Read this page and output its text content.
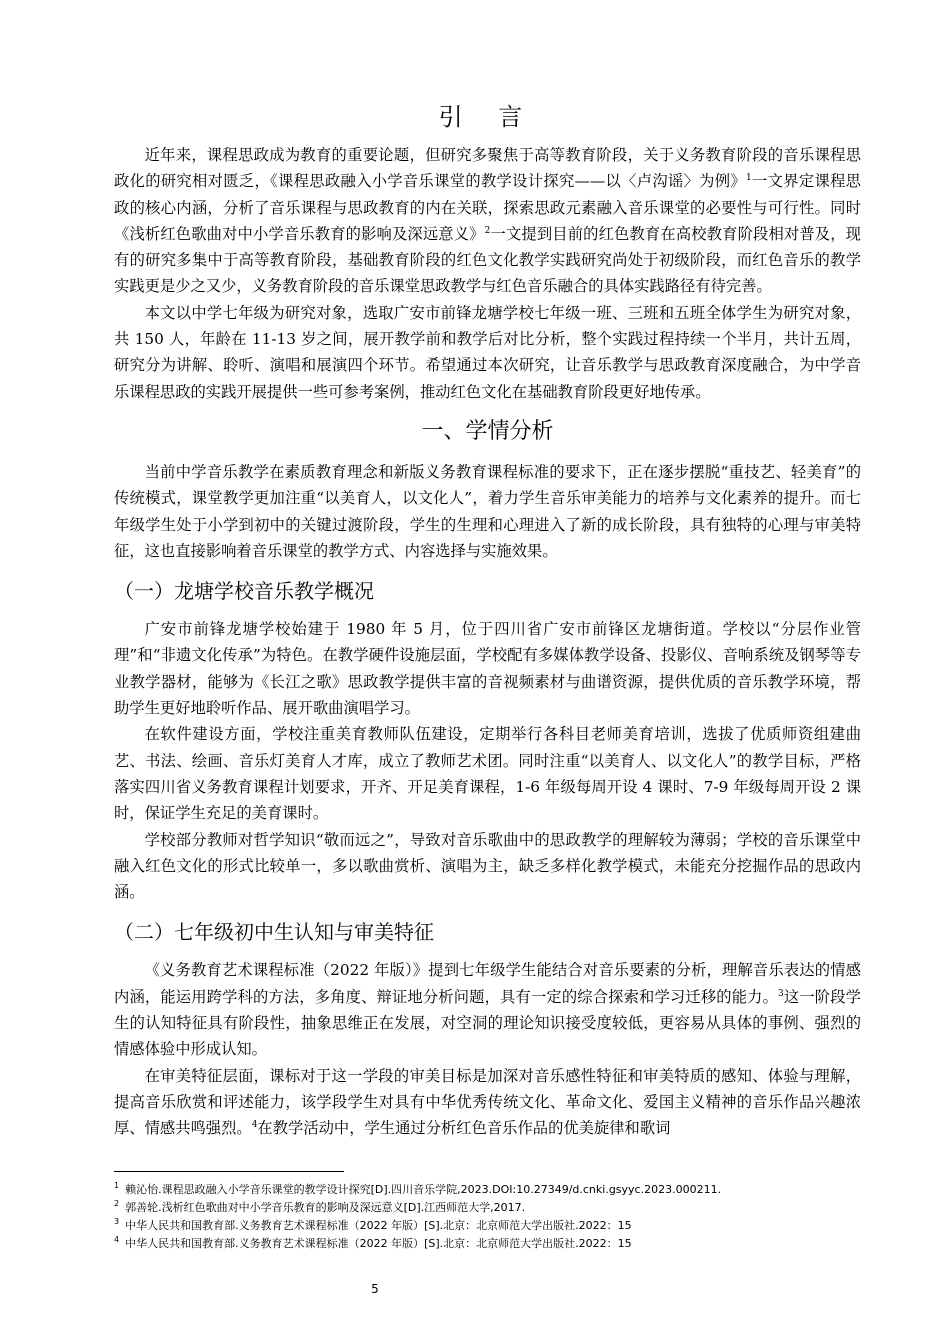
引 言

近年来，课程思政成为教育的重要论题，但研究多聚焦于高等教育阶段，关于义务教育阶段的音乐课程思政化的研究相对匮乏，《课程思政融入小学音乐课堂的教学设计探究——以〈卢沟谣〉为例》$^1$一文界定课程思政的核心内涵，分析了音乐课程与思政教育的内在关联，探索思政元素融入音乐课堂的必要性与可行性。同时《浅析红色歌曲对中小学音乐教育的影响及深远意义》$^2$一文提到目前的红色教育在高校教育阶段相对普及，现有的研究多集中于高等教育阶段，基础教育阶段的红色文化教学实践研究尚处于初级阶段，而红色音乐的教学实践更是少之又少，义务教育阶段的音乐课堂思政教学与红色音乐融合的具体实践路径有待完善。

本文以中学七年级为研究对象，选取广安市前锋龙塘学校七年级一班、三班和五班全体学生为研究对象，共 150 人，年龄在 11-13 岁之间，展开教学前和教学后对比分析，整个实践过程持续一个半月，共计五周，研究分为讲解、聆听、演唱和展演四个环节。希望通过本次研究，让音乐教学与思政教育深度融合，为中学音乐课程思政的实践开展提供一些可参考案例，推动红色文化在基础教育阶段更好地传承。

一、学情分析

当前中学音乐教学在素质教育理念和新版义务教育课程标准的要求下，正在逐步摆脱“重技艺、轻美育”的传统模式，课堂教学更加注重“以美育人，以文化人”，着力学生音乐审美能力的培养与文化素养的提升。而七年级学生处于小学到初中的关键过渡阶段，学生的生理和心理进入了新的成长阶段，具有独特的心理与审美特征，这也直接影响着音乐课堂的教学方式、内容选择与实施效果。

（一）龙塘学校音乐教学概况

广安市前锋龙塘学校始建于 1980 年 5 月，位于四川省广安市前锋区龙塘街道。学校以“分层作业管理”和“非遗文化传承”为特色。在教学硬件设施层面，学校配有多媒体教学设备、投影仪、音响系统及钢琴等专业教学器材，能够为《长江之歌》思政教学提供丰富的音视频素材与曲谱资源，提供优质的音乐教学环境，帮助学生更好地聆听作品、展开歌曲演唱学习。

在软件建设方面，学校注重美育教师队伍建设，定期举行各科目老师美育培训，选拔了优质师资组建曲艺、书法、绘画、音乐灯美育人才库，成立了教师艺术团。同时注重“以美育人、以文化人”的教学目标，严格落实四川省义务教育课程计划要求，开齐、开足美育课程，1-6 年级每周开设 4 课时、7-9 年级每周开设 2 课时，保证学生充足的美育课时。

学校部分教师对哲学知识“敬而远之”，导致对音乐歌曲中的思政教学的理解较为薄弱；学校的音乐课堂中融入红色文化的形式比较单一，多以歌曲赏析、演唱为主，缺乏多样化教学模式，未能充分挖掘作品的思政内涵。

（二）七年级初中生认知与审美特征

《义务教育艺术课程标准（2022 年版）》提到七年级学生能结合对音乐要素的分析，理解音乐表达的情感内涵，能运用跨学科的方法，多角度、辩证地分析问题，具有一定的综合探索和学习迁移的能力。$^3$这一阶段学生的认知特征具有阶段性，抽象思维正在发展，对空洞的理论知识接受度较低，更容易从具体的事例、强烈的情感体验中形成认知。

在审美特征层面，课标对于这一学段的审美目标是加深对音乐感性特征和审美特质的感知、体验与理解，提高音乐欣赏和评述能力，该学段学生对具有中华优秀传统文化、革命文化、爱国主义精神的音乐作品兴趣浓厚、情感共鸣强烈。$^4$在教学活动中，学生通过分析红色音乐作品的优美旋律和歌词

$^1$ 赖沁怡.课程思政融入小学音乐课堂的教学设计探究[D].四川音乐学院,2023.DOI:10.27349/d.cnki.gsyyc.2023.000211.

$^2$ 郭善轮.浅析红色歌曲对中小学音乐教育的影响及深远意义[D].江西师范大学,2017.

$^3$ 中华人民共和国教育部.义务教育艺术课程标准（2022 年版）[S].北京：北京师范大学出版社.2022：15

$^4$ 中华人民共和国教育部.义务教育艺术课程标准（2022 年版）[S].北京：北京师范大学出版社.2022：15

5
